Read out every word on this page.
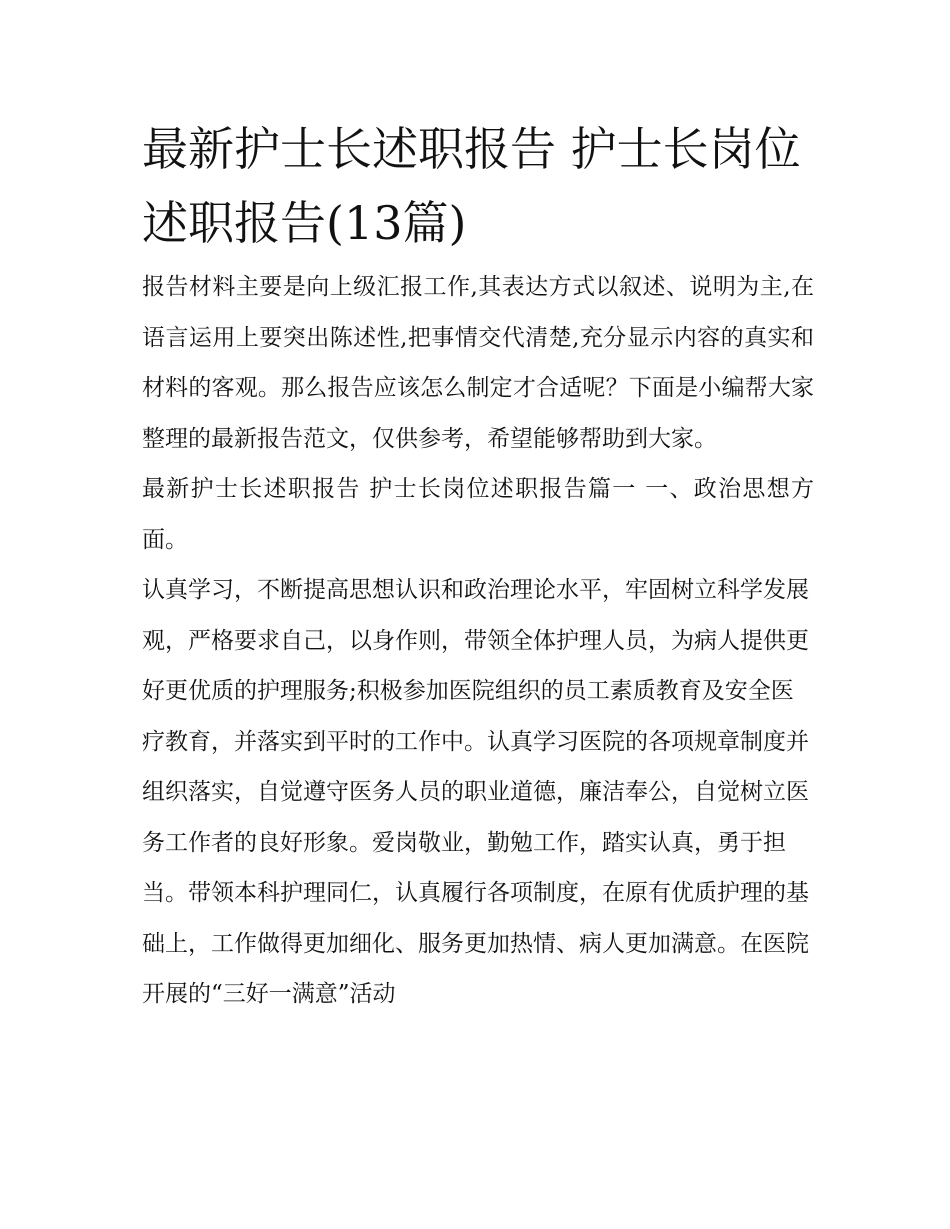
最新护士长述职报告 护士长岗位述职报告(13篇)

报告材料主要是向上级汇报工作,其表达方式以叙述、说明为主,在语言运用上要突出陈述性,把事情交代清楚,充分显示内容的真实和材料的客观。那么报告应该怎么制定才合适呢？下面是小编帮大家整理的最新报告范文，仅供参考，希望能够帮助到大家。

最新护士长述职报告 护士长岗位述职报告篇一 一、政治思想方面。

认真学习，不断提高思想认识和政治理论水平，牢固树立科学发展观，严格要求自己，以身作则，带领全体护理人员，为病人提供更好更优质的护理服务;积极参加医院组织的员工素质教育及安全医疗教育，并落实到平时的工作中。认真学习医院的各项规章制度并组织落实，自觉遵守医务人员的职业道德，廉洁奉公，自觉树立医务工作者的良好形象。爱岗敬业，勤勉工作，踏实认真，勇于担当。带领本科护理同仁，认真履行各项制度，在原有优质护理的基础上，工作做得更加细化、服务更加热情、病人更加满意。在医院开展的“三好一满意”活动
